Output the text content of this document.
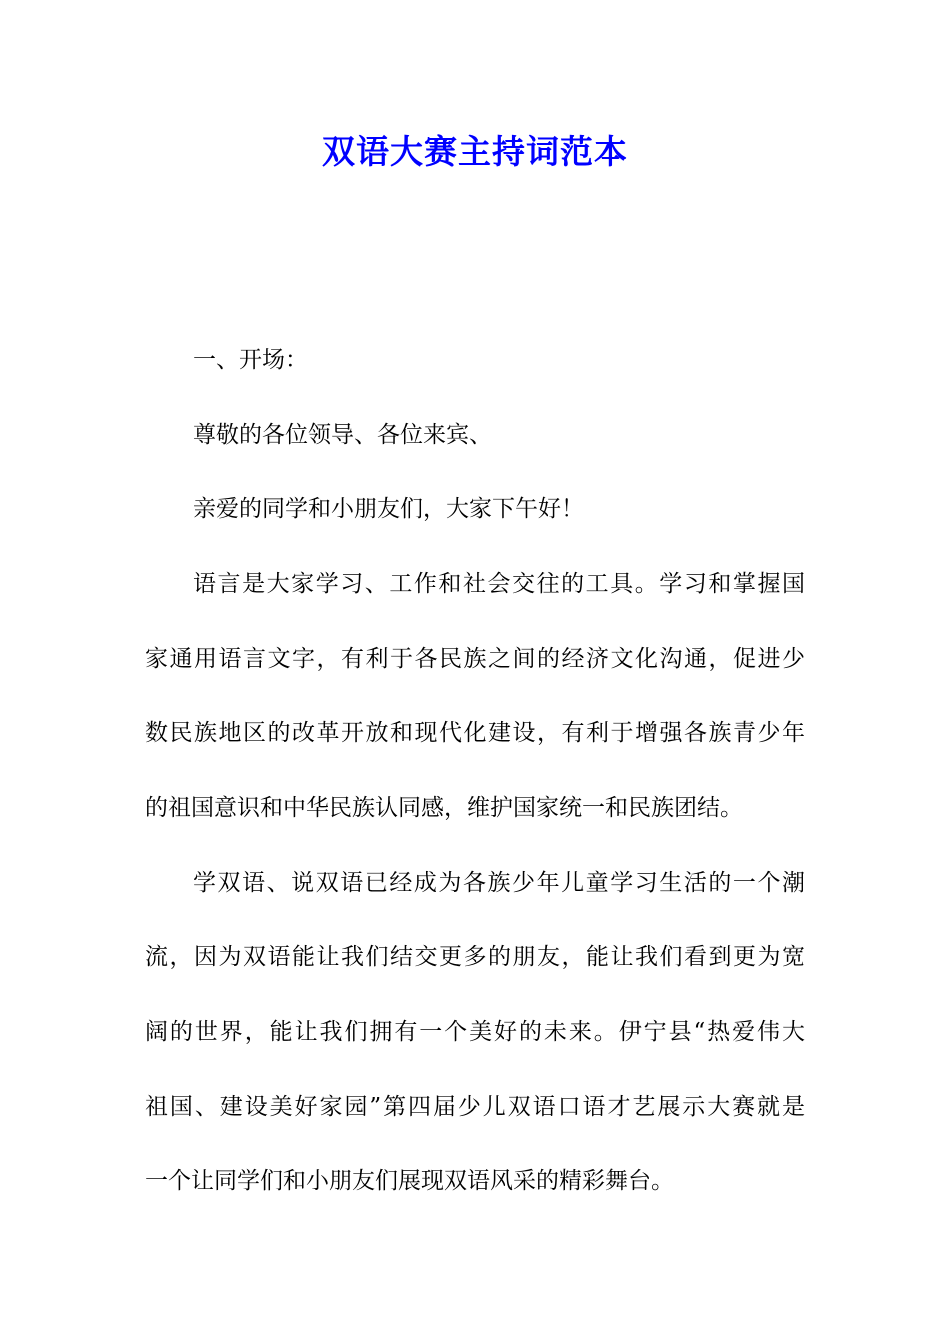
双语大赛主持词范本

一、开场：

尊敬的各位领导、各位来宾、

亲爱的同学和小朋友们，大家下午好！

语言是大家学习、工作和社会交往的工具。学习和掌握国

家通用语言文字，有利于各民族之间的经济文化沟通，促进少

数民族地区的改革开放和现代化建设，有利于增强各族青少年

的祖国意识和中华民族认同感，维护国家统一和民族团结。

学双语、说双语已经成为各族少年儿童学习生活的一个潮

流，因为双语能让我们结交更多的朋友，能让我们看到更为宽

阔的世界，能让我们拥有一个美好的未来。伊宁县“热爱伟大

祖国、建设美好家园”第四届少儿双语口语才艺展示大赛就是

一个让同学们和小朋友们展现双语风采的精彩舞台。
